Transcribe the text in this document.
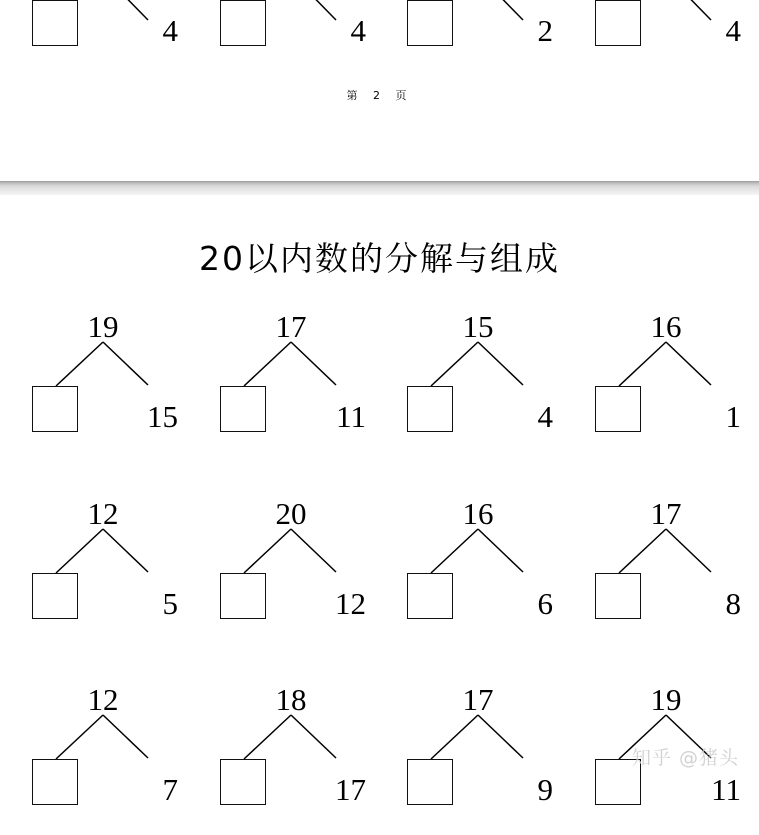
4	4	2	4
第 2 页
20以内数的分解与组成
19
15
17
11
15
4
16
1
12
5
20
12
16
6
17
8
12
7
18
17
17
9
19
11
知乎 @猪头
